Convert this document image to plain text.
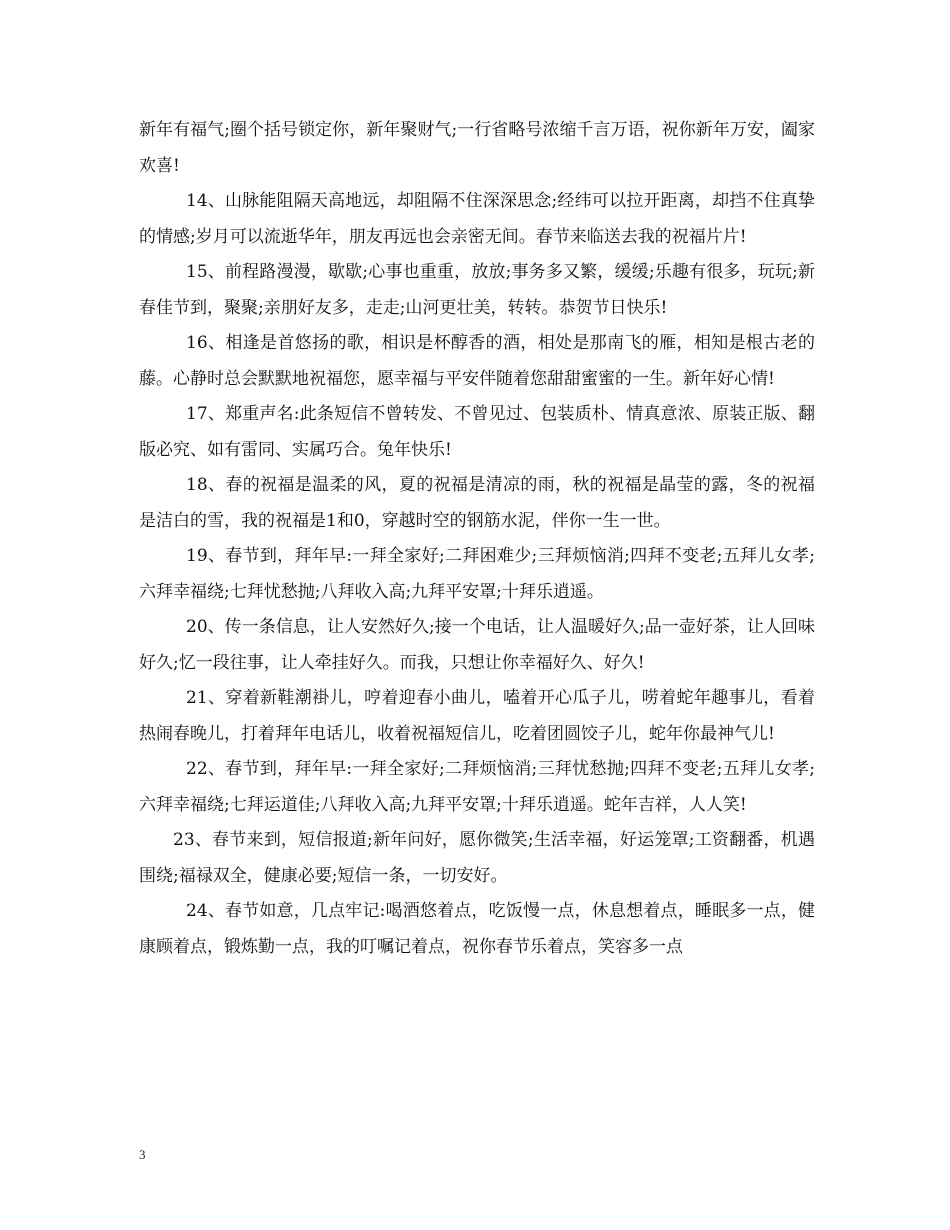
新年有福气;圈个括号锁定你，新年聚财气;一行省略号浓缩千言万语，祝你新年万安，阖家欢喜!

14、山脉能阻隔天高地远，却阻隔不住深深思念;经纬可以拉开距离，却挡不住真挚的情感;岁月可以流逝华年，朋友再远也会亲密无间。春节来临送去我的祝福片片!

15、前程路漫漫，歇歇;心事也重重，放放;事务多又繁，缓缓;乐趣有很多，玩玩;新春佳节到，聚聚;亲朋好友多，走走;山河更壮美，转转。恭贺节日快乐!

16、相逢是首悠扬的歌，相识是杯醇香的酒，相处是那南飞的雁，相知是根古老的藤。心静时总会默默地祝福您，愿幸福与平安伴随着您甜甜蜜蜜的一生。新年好心情!

17、郑重声名:此条短信不曾转发、不曾见过、包装质朴、情真意浓、原装正版、翻版必究、如有雷同、实属巧合。兔年快乐!

18、春的祝福是温柔的风，夏的祝福是清凉的雨，秋的祝福是晶莹的露，冬的祝福是洁白的雪，我的祝福是1和0，穿越时空的钢筋水泥，伴你一生一世。

19、春节到，拜年早:一拜全家好;二拜困难少;三拜烦恼消;四拜不变老;五拜儿女孝;六拜幸福绕;七拜忧愁抛;八拜收入高;九拜平安罩;十拜乐逍遥。

20、传一条信息，让人安然好久;接一个电话，让人温暖好久;品一壶好茶，让人回味好久;忆一段往事，让人牵挂好久。而我，只想让你幸福好久、好久!

21、穿着新鞋潮褂儿，哼着迎春小曲儿，嗑着开心瓜子儿，唠着蛇年趣事儿，看着热闹春晚儿，打着拜年电话儿，收着祝福短信儿，吃着团圆饺子儿，蛇年你最神气儿!

22、春节到，拜年早:一拜全家好;二拜烦恼消;三拜忧愁抛;四拜不变老;五拜儿女孝;六拜幸福绕;七拜运道佳;八拜收入高;九拜平安罩;十拜乐逍遥。蛇年吉祥，人人笑!

23、春节来到，短信报道;新年问好，愿你微笑;生活幸福，好运笼罩;工资翻番，机遇围绕;福禄双全，健康必要;短信一条，一切安好。

24、春节如意，几点牢记:喝酒悠着点，吃饭慢一点，休息想着点，睡眠多一点，健康顾着点，锻炼勤一点，我的叮嘱记着点，祝你春节乐着点，笑容多一点

3
